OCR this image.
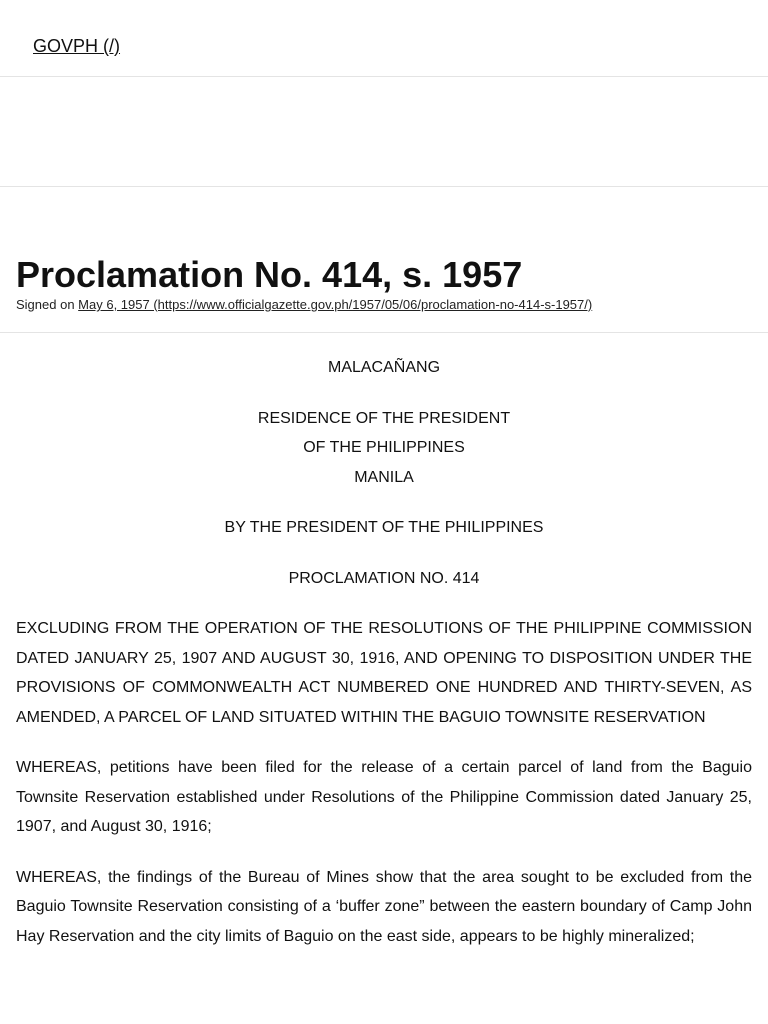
GOVPH (/)
Proclamation No. 414, s. 1957
Signed on May 6, 1957 (https://www.officialgazette.gov.ph/1957/05/06/proclamation-no-414-s-1957/)

MALACAÑANG

RESIDENCE OF THE PRESIDENT
OF THE PHILIPPINES
MANILA

BY THE PRESIDENT OF THE PHILIPPINES

PROCLAMATION NO. 414

EXCLUDING FROM THE OPERATION OF THE RESOLUTIONS OF THE PHILIPPINE COMMISSION DATED JANUARY 25, 1907 AND AUGUST 30, 1916, AND OPENING TO DISPOSITION UNDER THE PROVISIONS OF COMMONWEALTH ACT NUMBERED ONE HUNDRED AND THIRTY-SEVEN, AS AMENDED, A PARCEL OF LAND SITUATED WITHIN THE BAGUIO TOWNSITE RESERVATION

WHEREAS, petitions have been filed for the release of a certain parcel of land from the Baguio Townsite Reservation established under Resolutions of the Philippine Commission dated January 25, 1907, and August 30, 1916;

WHEREAS, the findings of the Bureau of Mines show that the area sought to be excluded from the Baguio Townsite Reservation consisting of a ‘buffer zone” between the eastern boundary of Camp John Hay Reservation and the city limits of Baguio on the east side, appears to be highly mineralized;
